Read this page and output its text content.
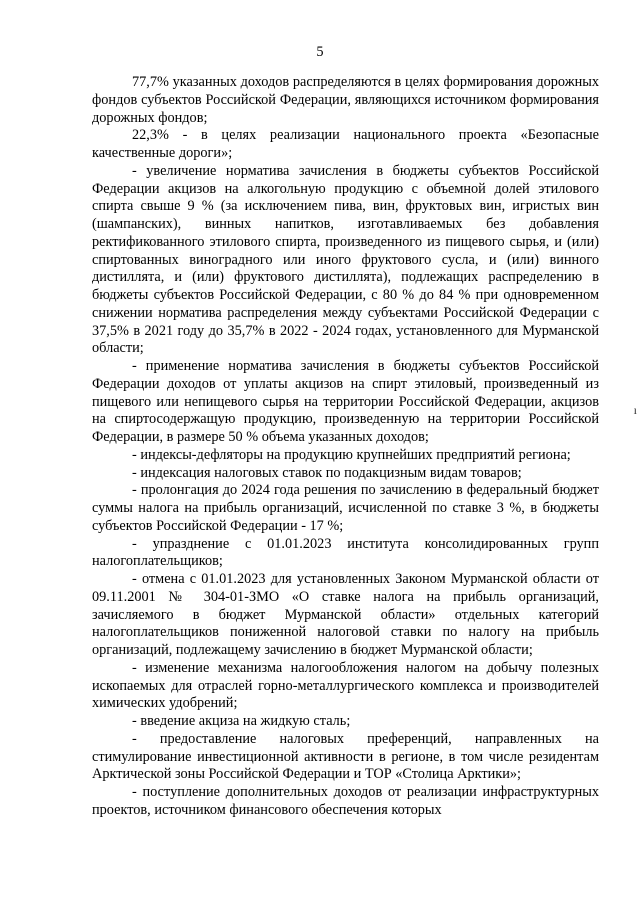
5

77,7% указанных доходов распределяются в целях формирования дорожных фондов субъектов Российской Федерации, являющихся источником формирования дорожных фондов;

22,3% - в целях реализации национального проекта «Безопасные качественные дороги»;

- увеличение норматива зачисления в бюджеты субъектов Российской Федерации акцизов на алкогольную продукцию с объемной долей этилового спирта свыше 9 % (за исключением пива, вин, фруктовых вин, игристых вин (шампанских), винных напитков, изготавливаемых без добавления ректификованного этилового спирта, произведенного из пищевого сырья, и (или) спиртованных виноградного или иного фруктового сусла, и (или) винного дистиллята, и (или) фруктового дистиллята), подлежащих распределению в бюджеты субъектов Российской Федерации, с 80 % до 84 % при одновременном снижении норматива распределения между субъектами Российской Федерации с 37,5% в 2021 году до 35,7% в 2022 - 2024 годах, установленного для Мурманской области;

- применение норматива зачисления в бюджеты субъектов Российской Федерации доходов от уплаты акцизов на спирт этиловый, произведенный из пищевого или непищевого сырья на территории Российской Федерации, акцизов на спиртосодержащую продукцию, произведенную на территории Российской Федерации, в размере 50 % объема указанных доходов;

- индексы-дефляторы на продукцию крупнейших предприятий региона;

- индексация налоговых ставок по подакцизным видам товаров;

- пролонгация до 2024 года решения по зачислению в федеральный бюджет суммы налога на прибыль организаций, исчисленной по ставке 3 %, в бюджеты субъектов Российской Федерации - 17 %;

- упразднение с 01.01.2023 института консолидированных групп налогоплательщиков;

- отмена с 01.01.2023 для установленных Законом Мурманской области от 09.11.2001 № 304-01-ЗМО «О ставке налога на прибыль организаций, зачисляемого в бюджет Мурманской области» отдельных категорий налогоплательщиков пониженной налоговой ставки по налогу на прибыль организаций, подлежащему зачислению в бюджет Мурманской области;

- изменение механизма налогообложения налогом на добычу полезных ископаемых для отраслей горно-металлургического комплекса и производителей химических удобрений;

- введение акциза на жидкую сталь;

- предоставление налоговых преференций, направленных на стимулирование инвестиционной активности в регионе, в том числе резидентам Арктической зоны Российской Федерации и ТОР «Столица Арктики»;

- поступление дополнительных доходов от реализации инфраструктурных проектов, источником финансового обеспечения которых

ı
